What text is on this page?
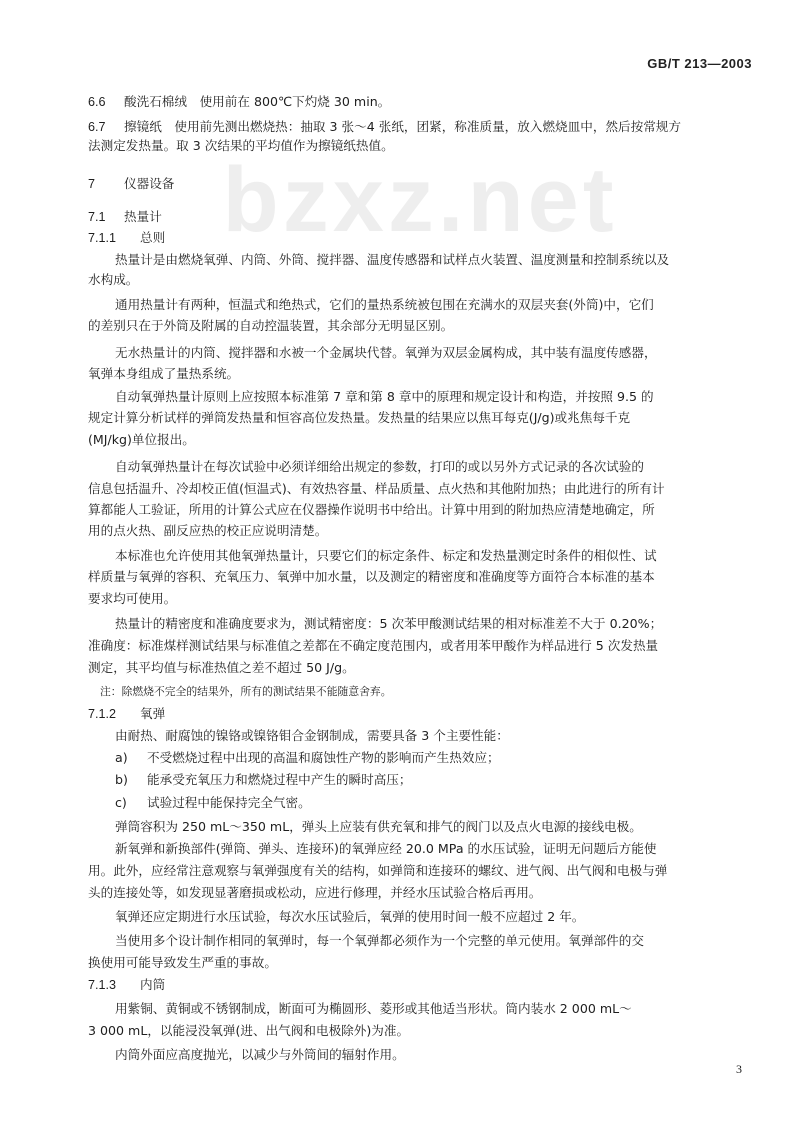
GB/T 213—2003
bzxz.net
6.6 酸洗石棉绒　使用前在 800℃下灼烧 30 min。
6.7 擦镜纸　使用前先测出燃烧热：抽取 3 张～4 张纸，团紧，称准质量，放入燃烧皿中，然后按常规方
法测定发热量。取 3 次结果的平均值作为擦镜纸热值。
7 仪器设备
7.1 热量计
7.1.1 总则
热量计是由燃烧氧弹、内筒、外筒、搅拌器、温度传感器和试样点火装置、温度测量和控制系统以及
水构成。
通用热量计有两种，恒温式和绝热式，它们的量热系统被包围在充满水的双层夹套(外筒)中，它们
的差别只在于外筒及附属的自动控温装置，其余部分无明显区别。
无水热量计的内筒、搅拌器和水被一个金属块代替。氧弹为双层金属构成，其中装有温度传感器，
氧弹本身组成了量热系统。
自动氧弹热量计原则上应按照本标准第 7 章和第 8 章中的原理和规定设计和构造，并按照 9.5 的
规定计算分析试样的弹筒发热量和恒容高位发热量。发热量的结果应以焦耳每克(J/g)或兆焦每千克
(MJ/kg)单位报出。
自动氧弹热量计在每次试验中必须详细给出规定的参数，打印的或以另外方式记录的各次试验的
信息包括温升、冷却校正值(恒温式)、有效热容量、样品质量、点火热和其他附加热；由此进行的所有计
算都能人工验证，所用的计算公式应在仪器操作说明书中给出。计算中用到的附加热应清楚地确定，所
用的点火热、副反应热的校正应说明清楚。
本标准也允许使用其他氧弹热量计，只要它们的标定条件、标定和发热量测定时条件的相似性、试
样质量与氧弹的容积、充氧压力、氧弹中加水量，以及测定的精密度和准确度等方面符合本标准的基本
要求均可使用。
热量计的精密度和准确度要求为，测试精密度：5 次苯甲酸测试结果的相对标准差不大于 0.20%；
准确度：标准煤样测试结果与标准值之差都在不确定度范围内，或者用苯甲酸作为样品进行 5 次发热量
测定，其平均值与标准热值之差不超过 50 J/g。
注：除燃烧不完全的结果外，所有的测试结果不能随意舍弃。
7.1.2 氧弹
由耐热、耐腐蚀的镍铬或镍铬钼合金钢制成，需要具备 3 个主要性能：
a) 不受燃烧过程中出现的高温和腐蚀性产物的影响而产生热效应；
b) 能承受充氧压力和燃烧过程中产生的瞬时高压；
c) 试验过程中能保持完全气密。
弹筒容积为 250 mL～350 mL，弹头上应装有供充氧和排气的阀门以及点火电源的接线电极。
新氧弹和新换部件(弹筒、弹头、连接环)的氧弹应经 20.0 MPa 的水压试验，证明无问题后方能使
用。此外，应经常注意观察与氧弹强度有关的结构，如弹筒和连接环的螺纹、进气阀、出气阀和电极与弹
头的连接处等，如发现显著磨损或松动，应进行修理，并经水压试验合格后再用。
氧弹还应定期进行水压试验，每次水压试验后，氧弹的使用时间一般不应超过 2 年。
当使用多个设计制作相同的氧弹时，每一个氧弹都必须作为一个完整的单元使用。氧弹部件的交
换使用可能导致发生严重的事故。
7.1.3 内筒
用紫铜、黄铜或不锈钢制成，断面可为椭圆形、菱形或其他适当形状。筒内装水 2 000 mL～
3 000 mL，以能浸没氧弹(进、出气阀和电极除外)为准。
内筒外面应高度抛光，以减少与外筒间的辐射作用。
3
